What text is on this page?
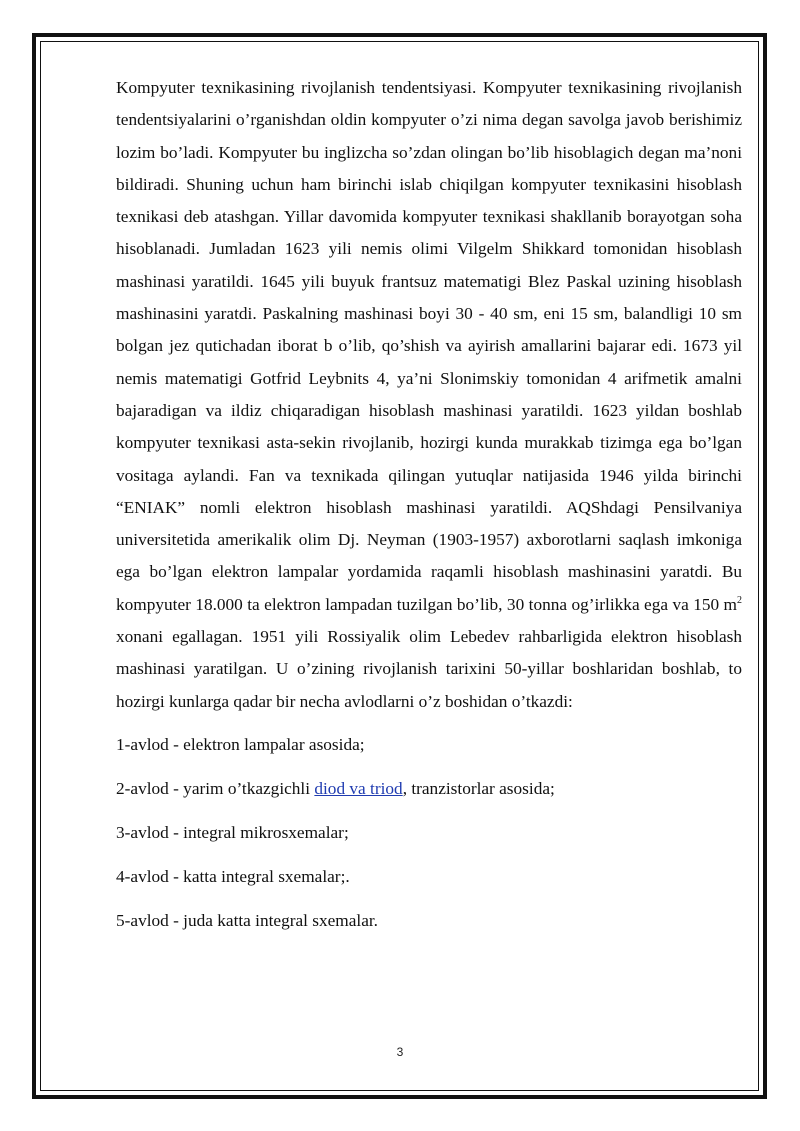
Kompyuter texnikasining rivojlanish tendentsiyasi. Kompyuter texnikasining rivojlanish tendentsiyalarini o’rganishdan oldin kompyuter o’zi nima degan savolga javob berishimiz lozim bo’ladi. Kompyuter bu inglizcha so’zdan olingan bo’lib hisoblagich degan ma’noni bildiradi. Shuning uchun ham birinchi islab chiqilgan kompyuter texnikasini hisoblash texnikasi deb atashgan. Yillar davomida kompyuter texnikasi shakllanib borayotgan soha hisoblanadi. Jumladan 1623 yili nemis olimi Vilgelm Shikkard tomonidan hisoblash mashinasi yaratildi. 1645 yili buyuk frantsuz matematigi Blez Paskal uzining hisoblash mashinasini yaratdi. Paskalning mashinasi boyi 30 - 40 sm, eni 15 sm, balandligi 10 sm bolgan jez qutichadan iborat b o’lib, qo’shish va ayirish amallarini bajarar edi. 1673 yil nemis matematigi Gotfrid Leybnits 4, ya’ni Slonimskiy tomonidan 4 arifmetik amalni bajaradigan va ildiz chiqaradigan hisoblash mashinasi yaratildi. 1623 yildan boshlab kompyuter texnikasi asta-sekin rivojlanib, hozirgi kunda murakkab tizimga ega bo’lgan vositaga aylandi. Fan va texnikada qilingan yutuqlar natijasida 1946 yilda birinchi “ENIAK” nomli elektron hisoblash mashinasi yaratildi. AQShdagi Pensilvaniya universitetida amerikalik olim Dj. Neyman (1903-1957) axborotlarni saqlash imkoniga ega bo’lgan elektron lampalar yordamida raqamli hisoblash mashinasini yaratdi. Bu kompyuter 18.000 ta elektron lampadan tuzilgan bo’lib, 30 tonna og’irlikka ega va 150 $m^2$ xonani egallagan. 1951 yili Rossiyalik olim Lebedev rahbarligida elektron hisoblash mashinasi yaratilgan. U o’zining rivojlanish tarixini 50-yillar boshlaridan boshlab, to hozirgi kunlarga qadar bir necha avlodlarni o’z boshidan o’tkazdi:

1-avlod - elektron lampalar asosida;
2-avlod - yarim o’tkazgichli diod va triod, tranzistorlar asosida;
3-avlod - integral mikrosxemalar;
4-avlod - katta integral sxemalar;.
5-avlod - juda katta integral sxemalar.
3
